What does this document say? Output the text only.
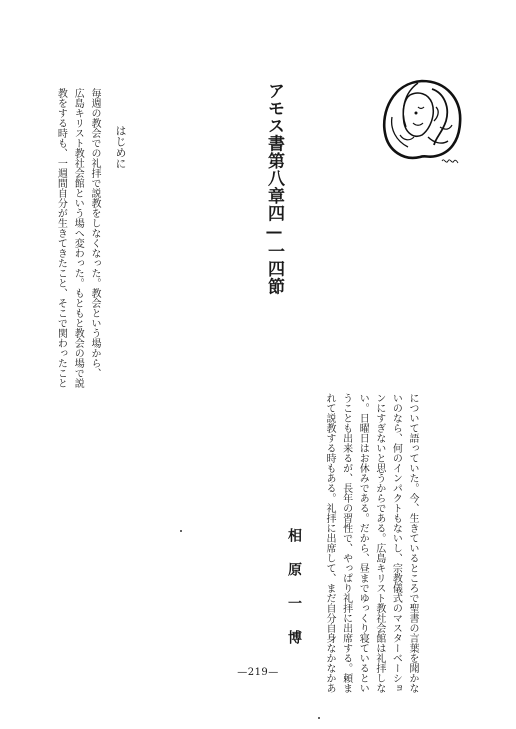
アモス書第八章四—一四節
相原一博
はじめに

毎週の教会での礼拝で説教をしなくなった。教会という場から、

広島キリスト教社会館という場へ変わった。もともと教会の場で説

教をする時も、一週間自分が生きてきたこと、そこで関わったこと

について語っていた。今、生きているところで聖書の言葉を聞かな

いのなら、何のインパクトもないし、宗教儀式のマスターベーショ

ンにすぎないと思うからである。広島キリスト教社会館は礼拝しな

い。日曜日はお休みである。だから、昼までゆっくり寝ているとい

うことも出来るが、長年の習性で、やっぱり礼拝に出席する。頼ま

れて説教する時もある。礼拝に出席して、まだ自分自身なかなかあ

—219—
